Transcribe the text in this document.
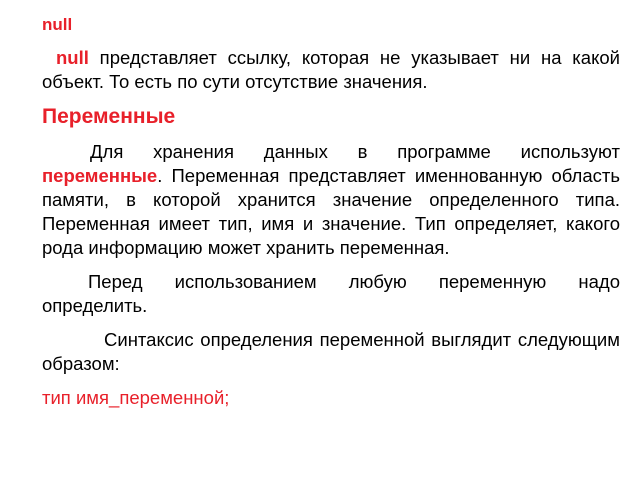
null

null представляет ссылку, которая не указывает ни на какой объект. То есть по сути отсутствие значения.

Переменные

Для хранения данных в программе используют переменные. Переменная представляет именнованную область памяти, в которой хранится значение определенного типа. Переменная имеет тип, имя и значение. Тип определяет, какого рода информацию может хранить переменная.

Перед использованием любую переменную надо определить.

Синтаксис определения переменной выглядит следующим образом:

тип имя_переменной;
